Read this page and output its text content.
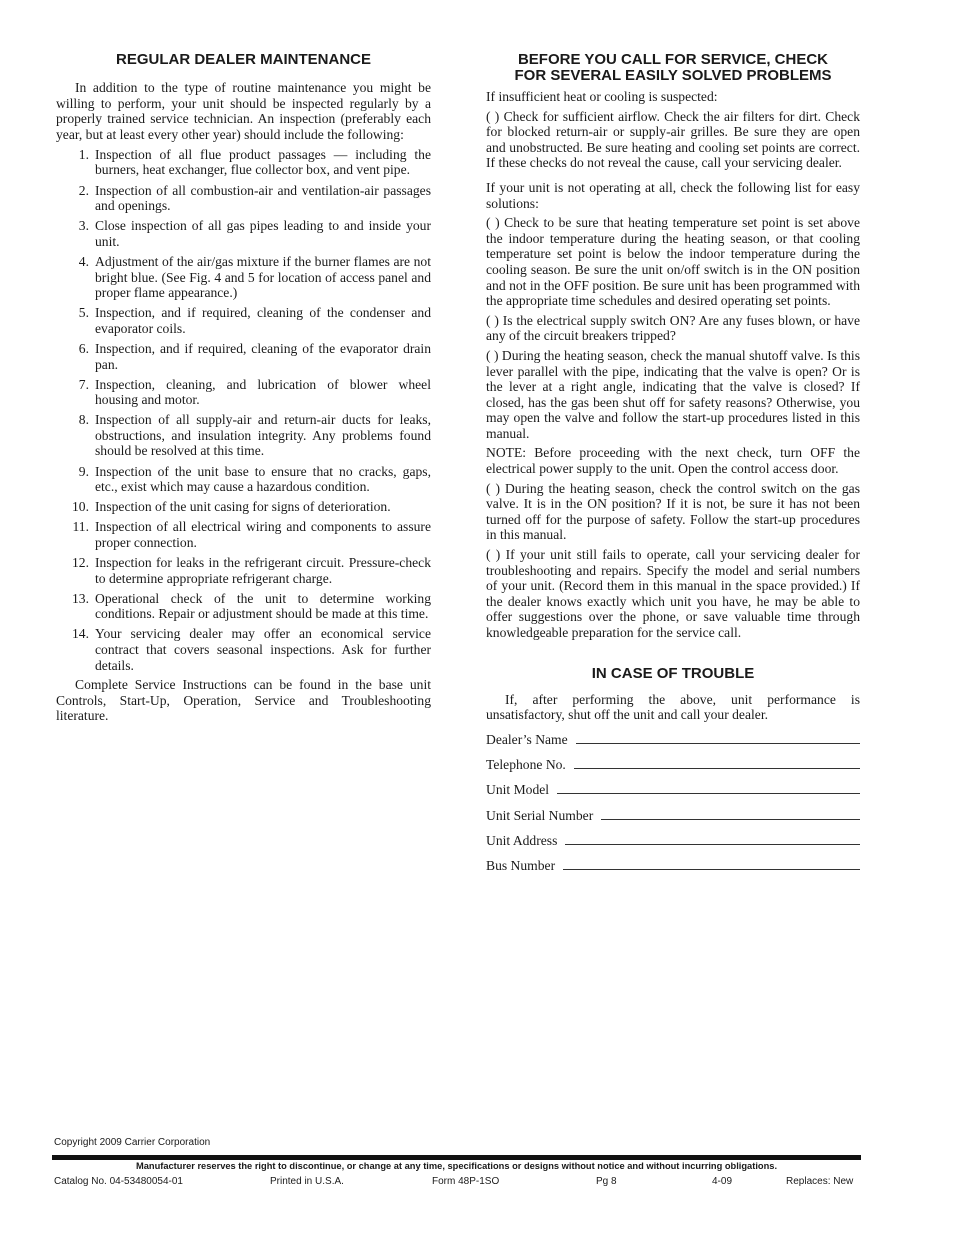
REGULAR DEALER MAINTENANCE

In addition to the type of routine maintenance you might be willing to perform, your unit should be inspected regularly by a properly trained service technician. An inspection (preferably each year, but at least every other year) should include the following:

1. Inspection of all flue product passages — including the burners, heat exchanger, flue collector box, and vent pipe.
2. Inspection of all combustion-air and ventilation-air passages and openings.
3. Close inspection of all gas pipes leading to and inside your unit.
4. Adjustment of the air/gas mixture if the burner flames are not bright blue. (See Fig. 4 and 5 for location of access panel and proper flame appearance.)
5. Inspection, and if required, cleaning of the condenser and evaporator coils.
6. Inspection, and if required, cleaning of the evaporator drain pan.
7. Inspection, cleaning, and lubrication of blower wheel housing and motor.
8. Inspection of all supply-air and return-air ducts for leaks, obstructions, and insulation integrity. Any problems found should be resolved at this time.
9. Inspection of the unit base to ensure that no cracks, gaps, etc., exist which may cause a hazardous condition.
10. Inspection of the unit casing for signs of deterioration.
11. Inspection of all electrical wiring and components to assure proper connection.
12. Inspection for leaks in the refrigerant circuit. Pressure-check to determine appropriate refrigerant charge.
13. Operational check of the unit to determine working conditions. Repair or adjustment should be made at this time.
14. Your servicing dealer may offer an economical service contract that covers seasonal inspections. Ask for further details.

Complete Service Instructions can be found in the base unit Controls, Start-Up, Operation, Service and Troubleshooting literature.

BEFORE YOU CALL FOR SERVICE, CHECK
FOR SEVERAL EASILY SOLVED PROBLEMS

If insufficient heat or cooling is suspected:

( ) Check for sufficient airflow. Check the air filters for dirt. Check for blocked return-air or supply-air grilles. Be sure they are open and unobstructed. Be sure heating and cooling set points are correct. If these checks do not reveal the cause, call your servicing dealer.

If your unit is not operating at all, check the following list for easy solutions:

( ) Check to be sure that heating temperature set point is set above the indoor temperature during the heating season, or that cooling temperature set point is below the indoor temperature during the cooling season. Be sure the unit on/off switch is in the ON position and not in the OFF position. Be sure unit has been programmed with the appropriate time schedules and desired operating set points.

( ) Is the electrical supply switch ON? Are any fuses blown, or have any of the circuit breakers tripped?

( ) During the heating season, check the manual shutoff valve. Is this lever parallel with the pipe, indicating that the valve is open? Or is the lever at a right angle, indicating that the valve is closed? If closed, has the gas been shut off for safety reasons? Otherwise, you may open the valve and follow the start-up procedures listed in this manual.

NOTE: Before proceeding with the next check, turn OFF the electrical power supply to the unit. Open the control access door.

( ) During the heating season, check the control switch on the gas valve. It is in the ON position? If it is not, be sure it has not been turned off for the purpose of safety. Follow the start-up procedures in this manual.

( ) If your unit still fails to operate, call your servicing dealer for troubleshooting and repairs. Specify the model and serial numbers of your unit. (Record them in this manual in the space provided.) If the dealer knows exactly which unit you have, he may be able to offer suggestions over the phone, or save valuable time through knowledgeable preparation for the service call.

IN CASE OF TROUBLE

If, after performing the above, unit performance is unsatisfactory, shut off the unit and call your dealer.

Dealer’s Name
Telephone No.
Unit Model
Unit Serial Number
Unit Address
Bus Number
Copyright 2009 Carrier Corporation
Manufacturer reserves the right to discontinue, or change at any time, specifications or designs without notice and without incurring obligations.
Catalog No. 04-53480054-01	Printed in U.S.A.	Form 48P-1SO	Pg 8	4-09	Replaces: New
